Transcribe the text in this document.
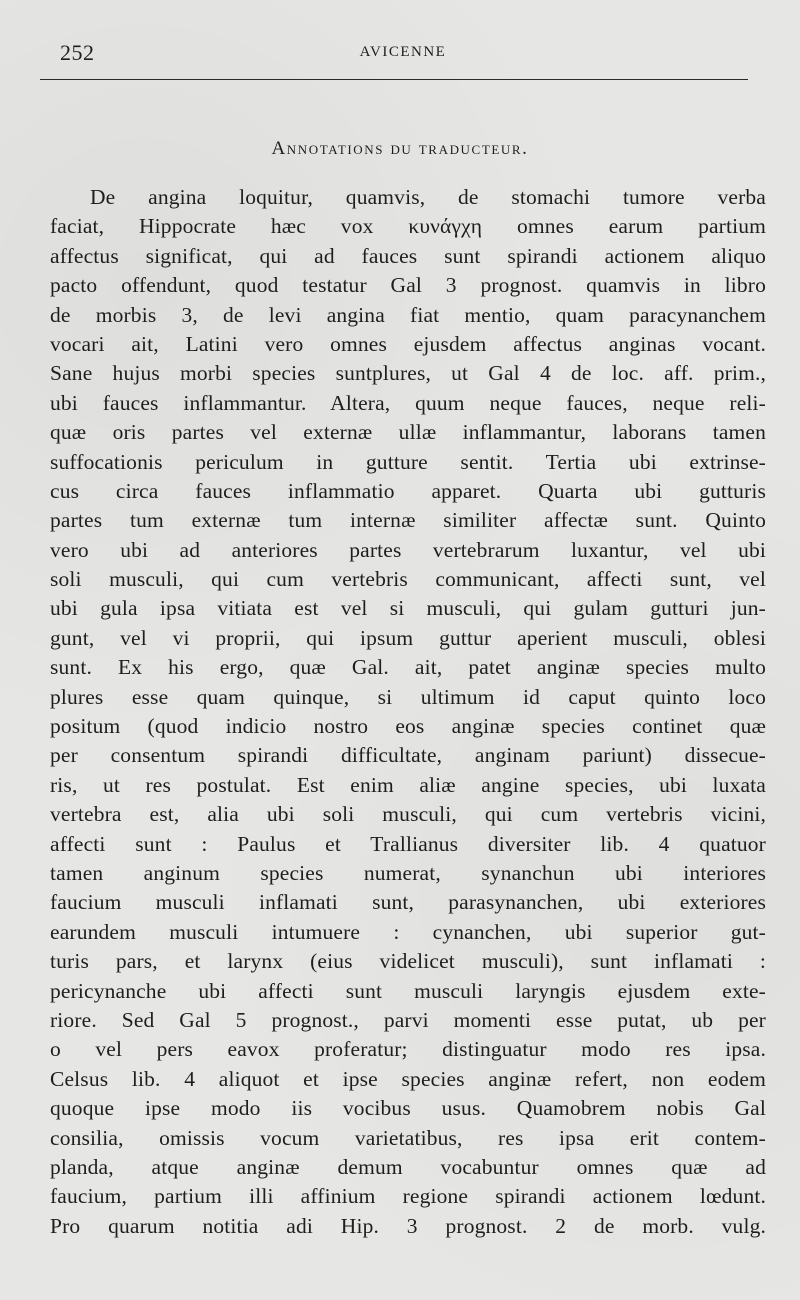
252	AVICENNE
Annotations du traducteur.
De angina loquitur, quamvis, de stomachi tumore verba
faciat, Hippocrate hæc vox κυνάγχη omnes earum partium
affectus significat, qui ad fauces sunt spirandi actionem aliquo
pacto offendunt, quod testatur Gal 3 prognost. quamvis in libro
de morbis 3, de levi angina fiat mentio, quam paracynanchem
vocari ait, Latini vero omnes ejusdem affectus anginas vocant.
Sane hujus morbi species suntplures, ut Gal 4 de loc. aff. prim.,
ubi fauces inflammantur. Altera, quum neque fauces, neque reli-
quæ oris partes vel externæ ullæ inflammantur, laborans tamen
suffocationis periculum in gutture sentit. Tertia ubi extrinse-
cus circa fauces inflammatio apparet. Quarta ubi gutturis
partes tum externæ tum internæ similiter affectæ sunt. Quinto
vero ubi ad anteriores partes vertebrarum luxantur, vel ubi
soli musculi, qui cum vertebris communicant, affecti sunt, vel
ubi gula ipsa vitiata est vel si musculi, qui gulam gutturi jun-
gunt, vel vi proprii, qui ipsum guttur aperient musculi, oblesi
sunt. Ex his ergo, quæ Gal. ait, patet anginæ species multo
plures esse quam quinque, si ultimum id caput quinto loco
positum (quod indicio nostro eos anginæ species continet quæ
per consentum spirandi difficultate, anginam pariunt) dissecue-
ris, ut res postulat. Est enim aliæ angine species, ubi luxata
vertebra est, alia ubi soli musculi, qui cum vertebris vicini,
affecti sunt : Paulus et Trallianus diversiter lib. 4 quatuor
tamen anginum species numerat, synanchun ubi interiores
faucium musculi inflamati sunt, parasynanchen, ubi exteriores
earundem musculi intumuere : cynanchen, ubi superior gut-
turis pars, et larynx (eius videlicet musculi), sunt inflamati :
pericynanche ubi affecti sunt musculi laryngis ejusdem exte-
riore. Sed Gal 5 prognost., parvi momenti esse putat, ub per
o vel pers eavox proferatur; distinguatur modo res ipsa.
Celsus lib. 4 aliquot et ipse species anginæ refert, non eodem
quoque ipse modo iis vocibus usus. Quamobrem nobis Gal
consilia, omissis vocum varietatibus, res ipsa erit contem-
planda, atque anginæ demum vocabuntur omnes quæ ad
faucium, partium illi affinium regione spirandi actionem lœdunt.
Pro quarum notitia adi Hip. 3 prognost. 2 de morb. vulg.
